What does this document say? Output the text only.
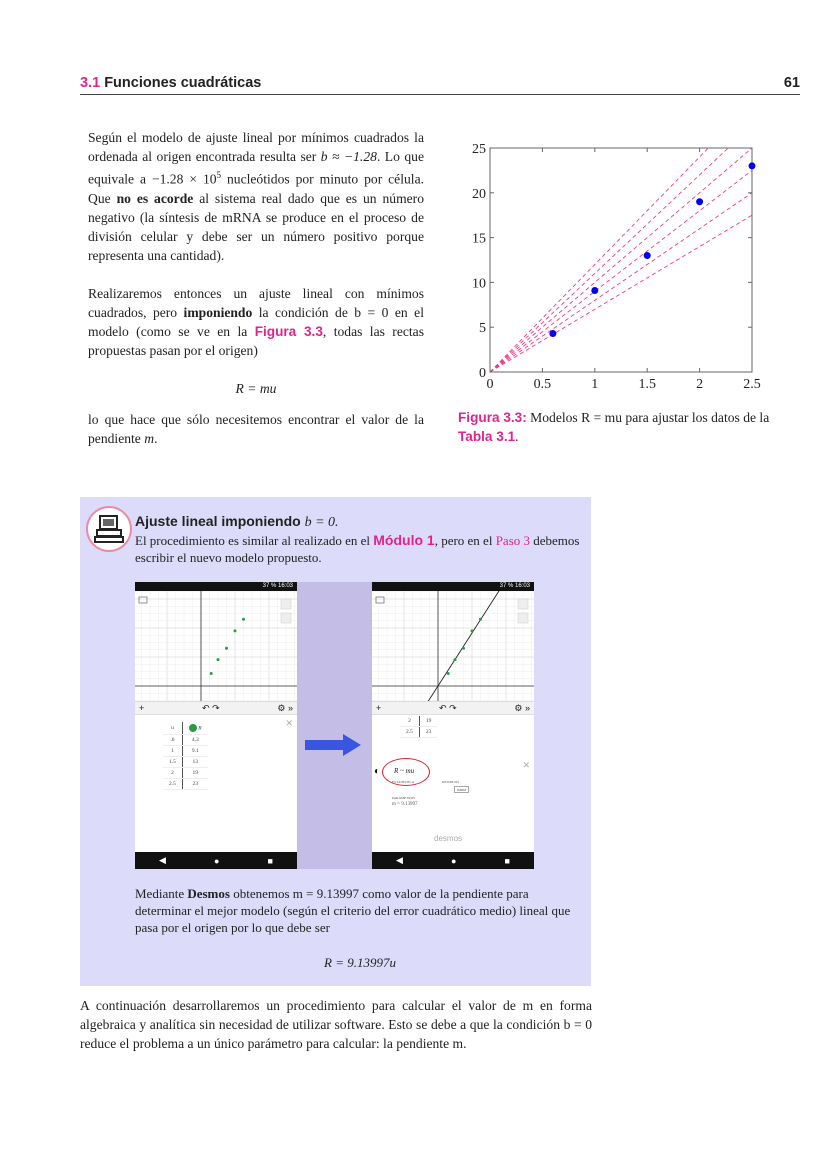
3.1 Funciones cuadráticas	61

Según el modelo de ajuste lineal por mínimos cuadrados la ordenada al origen encontrada resulta ser b ≈ −1.28. Lo que equivale $a -1.28 \times 10^5$ nucleótidos por minuto por célula. Que no es acorde al sistema real dado que es un número negativo (la síntesis de mRNA se produce en el proceso de división celular y debe ser un número positivo porque representa una cantidad).

Realizaremos entonces un ajuste lineal con mínimos cuadrados, pero imponiendo la condición de b = 0 en el modelo (como se ve en la Figura 3.3, todas las rectas propuestas pasan por el origen)

R = mu

lo que hace que sólo necesitemos encontrar el valor de la pendiente m.

0	0.5	1	1.5	2	2.5
0
5
10
15
20
25
Figura 3.3: Modelos R = mu para ajustar los datos de la Tabla 3.1.
Ajuste lineal imponiendo b = 0.
El procedimiento es similar al realizado en el Módulo 1, pero en el Paso 3 debemos escribir el nuevo modelo propuesto.
37 % 16:03
+	↶ ↷	⚙ »
u	R
.6	4.3
1	9.1
1.5	13
2	19
2.5	23
✕
◀	●	■
37 % 16:03
+	↶ ↷	⚙ »
2	19
2.5	23
◐ R ~ mu
ESTADÍSTICA	RESIDUOS
trama
PARÁMETROS
m = 9.13997
✕
desmos
◀	●	■
Mediante Desmos obtenemos m = 9.13997 como valor de la pendiente para determinar el mejor modelo (según el criterio del error cuadrático medio) lineal que pasa por el origen por lo que debe ser
R = 9.13997u

A continuación desarrollaremos un procedimiento para calcular el valor de m en forma algebraica y analítica sin necesidad de utilizar software. Esto se debe a que la condición b = 0 reduce el problema a un único parámetro para calcular: la pendiente m.
